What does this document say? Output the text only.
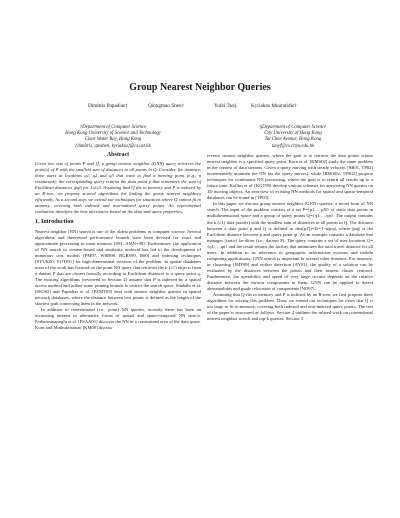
Group Nearest Neighbor Queries
Dimitris Papadias†	Qiongmao Shen†	Yufei Tao§	Kyriakos Mouratidis†
†Department of Computer Science
Hong Kong University of Science and Technology
Clear Water Bay, Hong Kong
{dimitris, qmshen, kyriakos}@cs.ust.hk
§Department of Computer Science
City University of Hong Kong
Tat Chee Avenue, Hong Kong
taoyf@cs.cityu.edu.hk
Abstract

Given two sets of points P and Q, a group nearest neighbor (GNN) query retrieves the point(s) of P with the smallest sum of distances to all points in Q. Consider, for instance, three users at locations q1, q2 and q3 that want to find a meeting point (e.g., a restaurant); the corresponding query returns the data point p that minimizes the sum of Euclidean distances |pqi| for 1≤i≤3. Assuming that Q fits in memory and P is indexed by an R-tree, we propose several algorithms for finding the group nearest neighbors efficiently. As a second step, we extend our techniques for situations where Q cannot fit in memory, covering both indexed and non-indexed query points. An experimental evaluation identifies the best alternative based on the data and query properties.

1. Introduction

Nearest neighbor (NN) search is one of the oldest problems in computer science. Several algorithms and theoretical performance bounds have been devised for exact and approximate processing in main memory [S91, AMN+98]. Furthermore, the application of NN search to content-based and similarity retrieval has led to the development of numerous cost models [PM97, WSB98, BGRS99, B00] and indexing techniques [SYUK00, YOTJ01] for high-dimensional versions of the problem. In spatial databases most of the work has focused on the point NN query that retrieves the k (≥1) objects from a dataset P that are closest (usually according to Euclidean distance) to a query point q. The existing algorithms (reviewed in Section 2) assume that P is indexed by a spatial access method and utilize some pruning bounds to restrict the search space. Shahabi et al. [SK502] and Papadias et al. [PZMT03] deal with nearest neighbor queries in spatial network databases, where the distance between two points is defined as the length of the shortest path connecting them in the network.

In addition to conventional (i.e., point) NN queries, recently there has been an increasing interest in alternative forms of spatial and spatio-temporal NN search. Ferhatosmanoglu et al. [FSAA01] discover the NN in a constrained area of the data space. Korn and Muthukrishnan [KM00] discuss

reverse nearest neighbor queries, where the goal is to retrieve the data points whose nearest neighbor is a specified query point. Korn et al. [KMS02] study the same problem in the context of data streams. Given a query moving with steady velocity, [SR01, TP02] incrementally maintain the NN (as the query moves), while [BJKS02, TPS02] propose techniques for continuous NN processing, where the goal is to return all results up to a future time. Kollios et al. [KGT99] develop various schemes for answering NN queries on 1D moving objects. An overview of existing NN methods for spatial and spatio-temporal databases can be found in [TP03].

In this paper we discuss group nearest neighbor (GNN) queries, a novel form of NN search. The input of the problem consists of a set P={p1,…,pN} of static data points in multidimensional space and a group of query points Q={q1,…,qn}. The output contains the k (≥1) data point(s) with the smallest sum of distances to all points in Q. The distance between a data point p and Q is defined as dist(p,Q)=Σi=1~n|pqi|, where |pqi| is the Euclidean distance between p and query point qi. As an example consider a database that manages (static) facilities (i.e., dataset P). The query contains a set of user locations Q={q1,…,qn} and the result returns the facility that minimizes the total travel distance for all users. In addition to its relevance in geographic information systems and mobile computing applications, GNN search is important in several other domains. For instance, in clustering [JMF99] and outlier detection [AY01], the quality of a solution can be evaluated by the distances between the points and their nearest cluster centroid. Furthermore, the operability and speed of very large circuits depends on the relative distance between the various components in them. GNN can be applied to detect abnormalities and guide relocation of components [NO97].

Assuming that Q fits in memory and P is indexed by an R-tree, we first propose three algorithms for solving this problem. Then, we extend our techniques for cases that Q is too large to fit in memory, covering both indexed and non-indexed query points. The rest of the paper is structured as follows. Section 2 outlines the related work on conventional nearest neighbor search and top-k queries. Section 3
